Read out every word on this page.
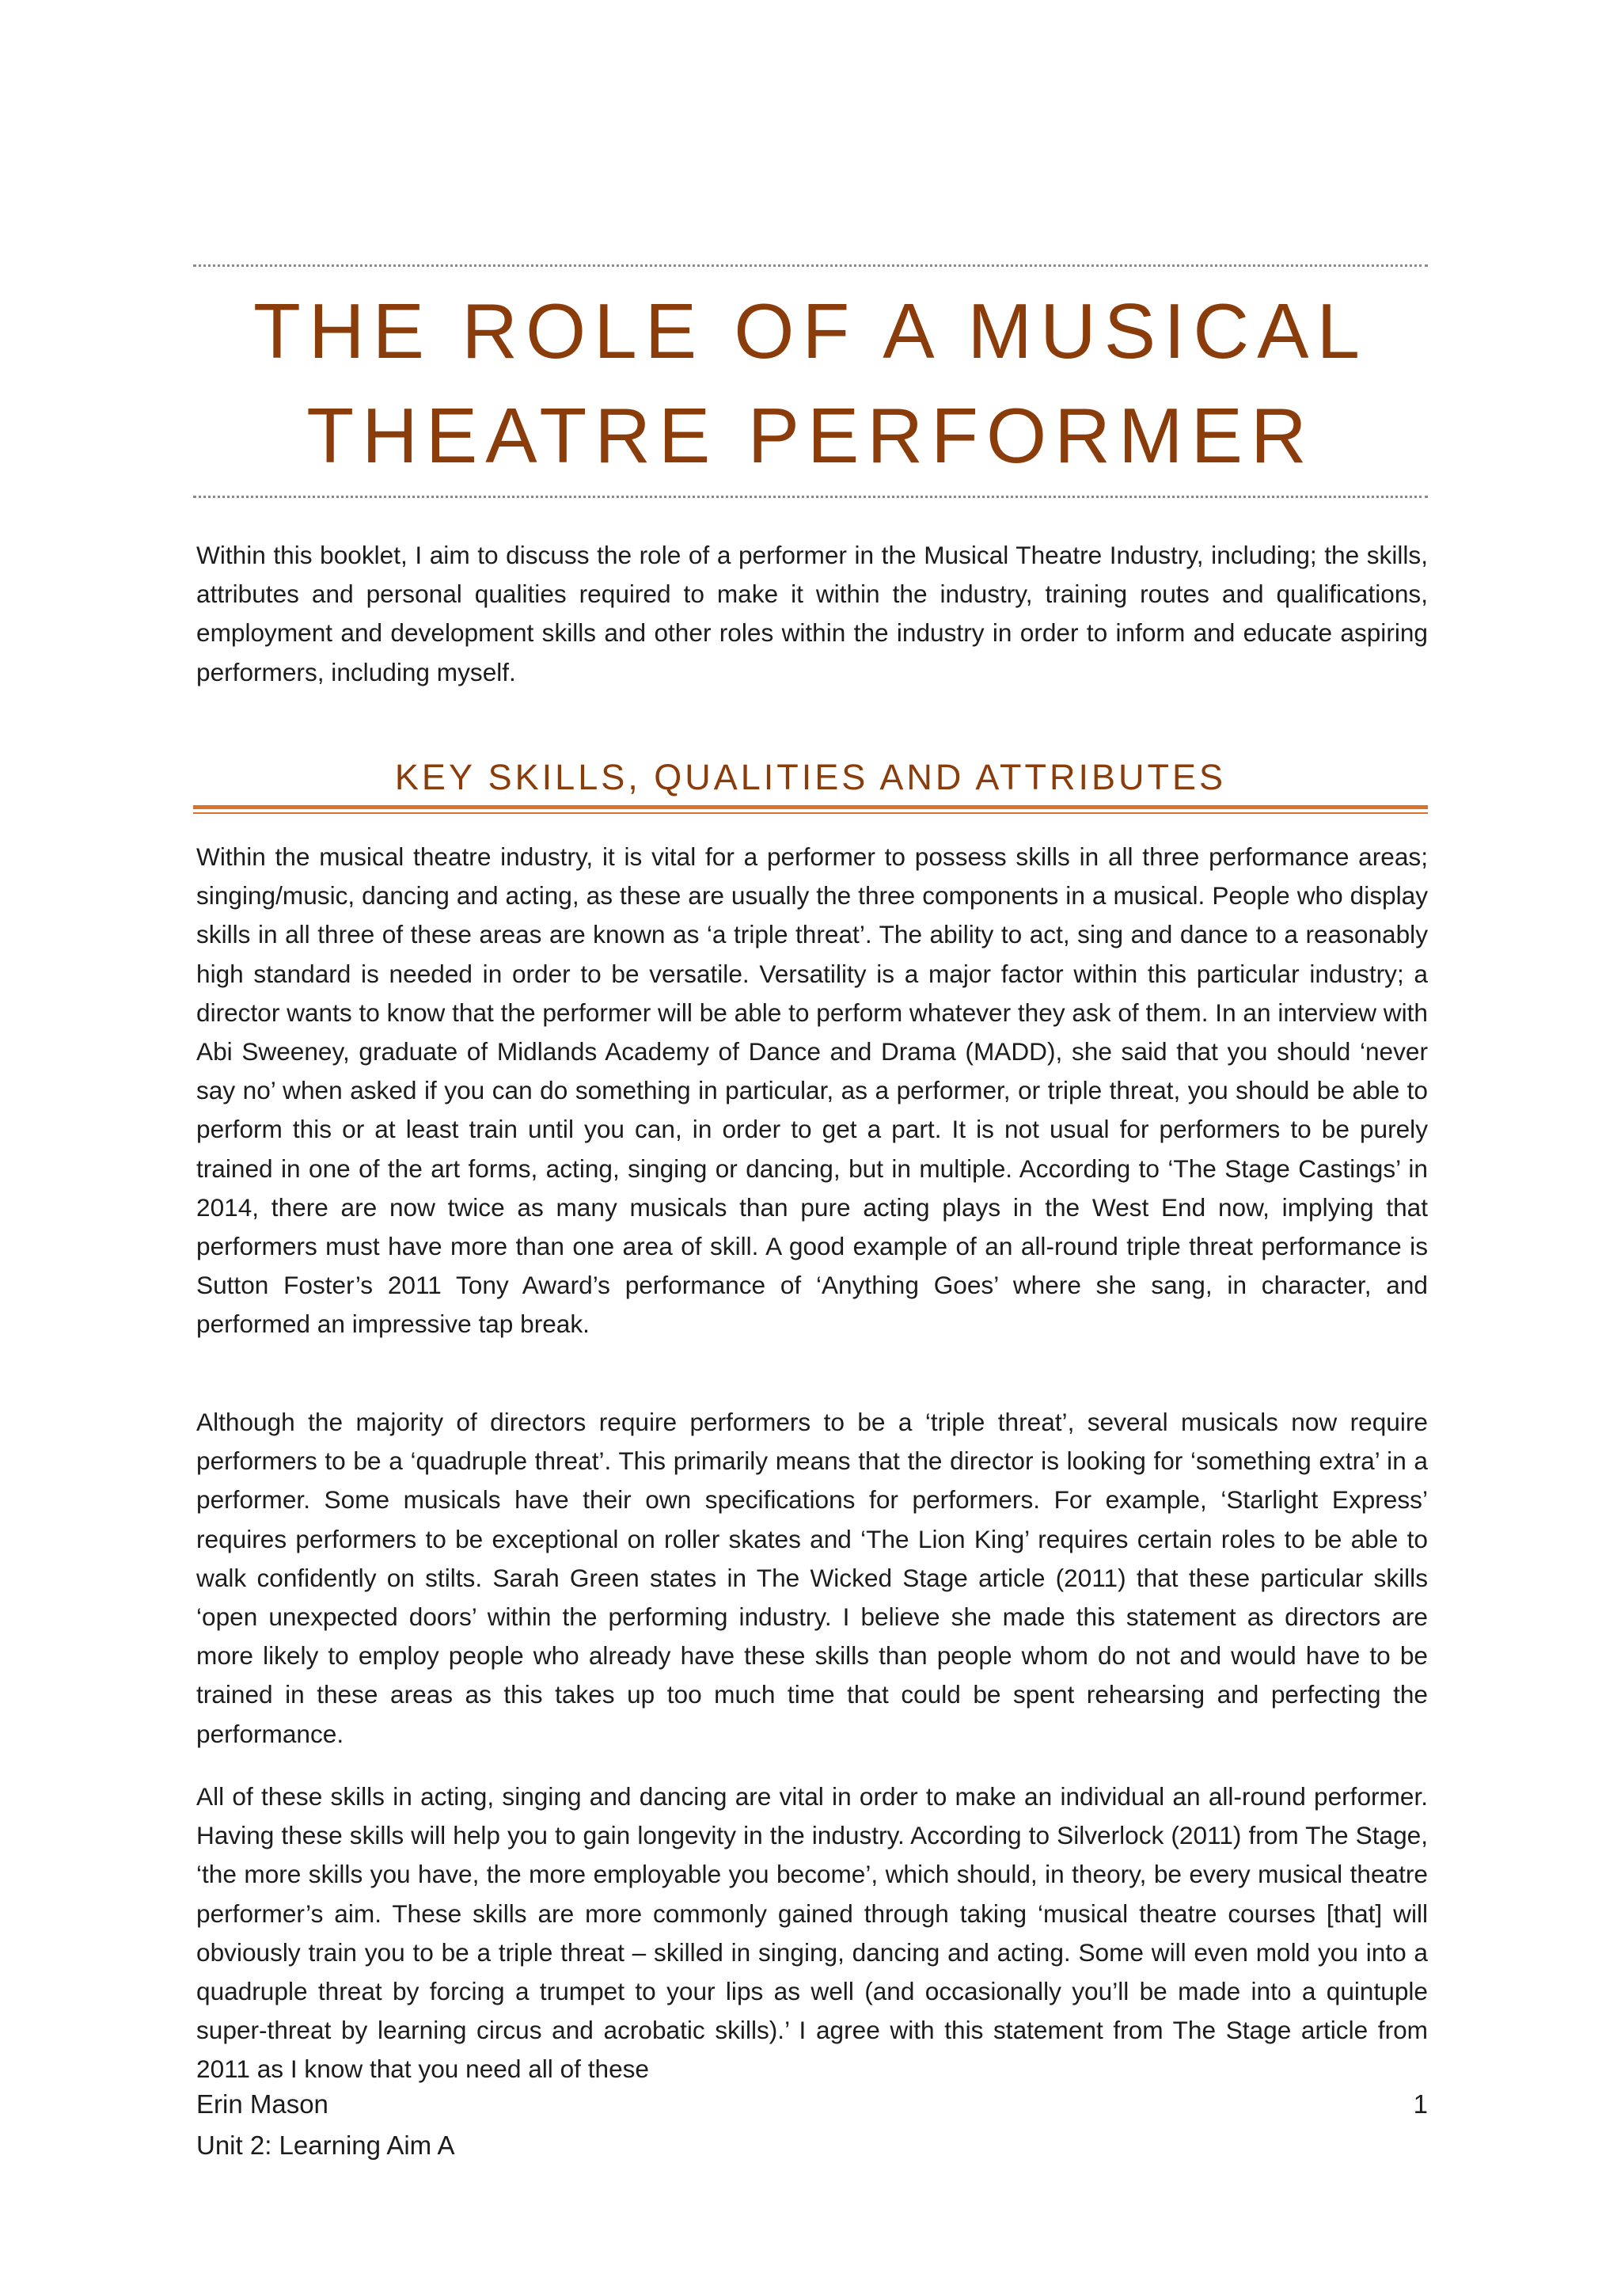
THE ROLE OF A MUSICAL
THEATRE PERFORMER

Within this booklet, I aim to discuss the role of a performer in the Musical Theatre Industry, including; the skills, attributes and personal qualities required to make it within the industry, training routes and qualifications, employment and development skills and other roles within the industry in order to inform and educate aspiring performers, including myself.

KEY SKILLS, QUALITIES AND ATTRIBUTES

Within the musical theatre industry, it is vital for a performer to possess skills in all three performance areas; singing/music, dancing and acting, as these are usually the three components in a musical. People who display skills in all three of these areas are known as ‘a triple threat’. The ability to act, sing and dance to a reasonably high standard is needed in order to be versatile. Versatility is a major factor within this particular industry; a director wants to know that the performer will be able to perform whatever they ask of them. In an interview with Abi Sweeney, graduate of Midlands Academy of Dance and Drama (MADD), she said that you should ‘never say no’ when asked if you can do something in particular, as a performer, or triple threat, you should be able to perform this or at least train until you can, in order to get a part. It is not usual for performers to be purely trained in one of the art forms, acting, singing or dancing, but in multiple. According to ‘The Stage Castings’ in 2014, there are now twice as many musicals than pure acting plays in the West End now, implying that performers must have more than one area of skill. A good example of an all-round triple threat performance is Sutton Foster’s 2011 Tony Award’s performance of ‘Anything Goes’ where she sang, in character, and performed an impressive tap break.

Although the majority of directors require performers to be a ‘triple threat’, several musicals now require performers to be a ‘quadruple threat’. This primarily means that the director is looking for ‘something extra’ in a performer. Some musicals have their own specifications for performers. For example, ‘Starlight Express’ requires performers to be exceptional on roller skates and ‘The Lion King’ requires certain roles to be able to walk confidently on stilts. Sarah Green states in The Wicked Stage article (2011) that these particular skills ‘open unexpected doors’ within the performing industry. I believe she made this statement as directors are more likely to employ people who already have these skills than people whom do not and would have to be trained in these areas as this takes up too much time that could be spent rehearsing and perfecting the performance.

All of these skills in acting, singing and dancing are vital in order to make an individual an all-round performer. Having these skills will help you to gain longevity in the industry. According to Silverlock (2011) from The Stage, ‘the more skills you have, the more employable you become’, which should, in theory, be every musical theatre performer’s aim. These skills are more commonly gained through taking ‘musical theatre courses [that] will obviously train you to be a triple threat – skilled in singing, dancing and acting. Some will even mold you into a quadruple threat by forcing a trumpet to your lips as well (and occasionally you’ll be made into a quintuple super-threat by learning circus and acrobatic skills).’ I agree with this statement from The Stage article from 2011 as I know that you need all of these

Erin Mason
Unit 2: Learning Aim A
1
